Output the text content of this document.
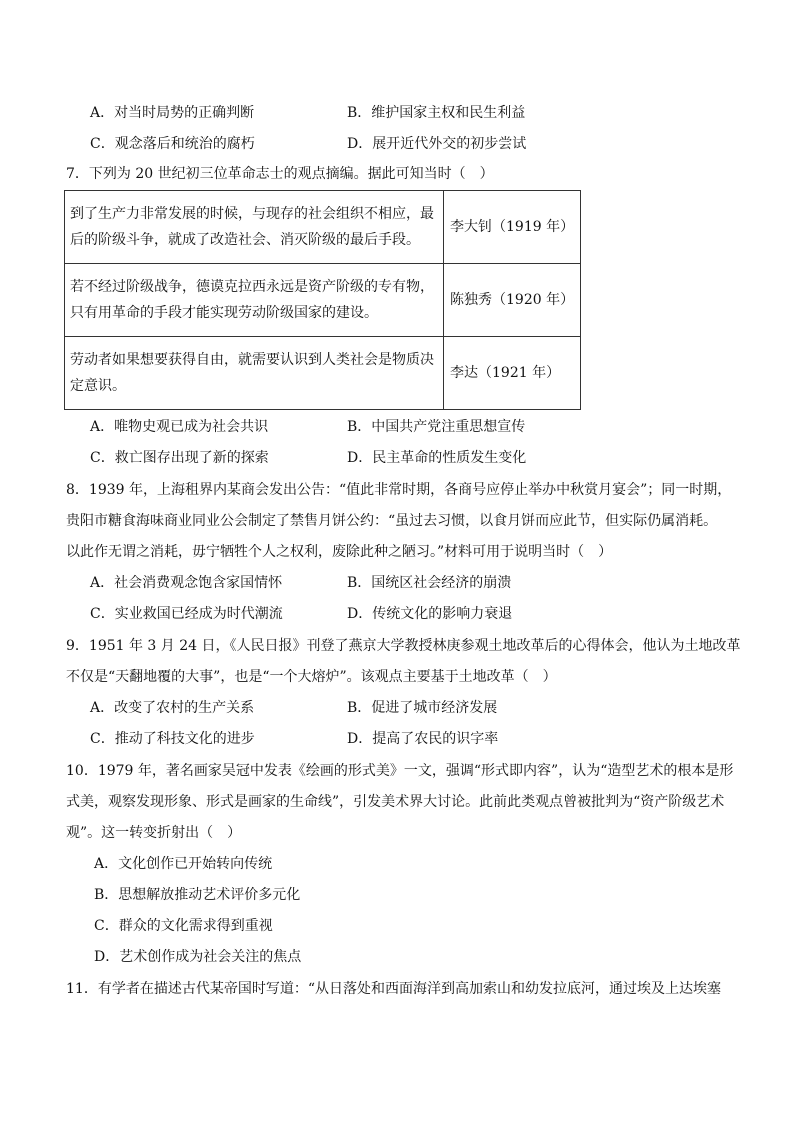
A．对当时局势的正确判断	B．维护国家主权和民生利益
C．观念落后和统治的腐朽	D．展开近代外交的初步尝试
7．下列为 20 世纪初三位革命志士的观点摘编。据此可知当时（　）
到了生产力非常发展的时候，与现存的社会组织不相应，最
后的阶级斗争，就成了改造社会、消灭阶级的最后手段。	李大钊（1919 年）
若不经过阶级战争，德谟克拉西永远是资产阶级的专有物，
只有用革命的手段才能实现劳动阶级国家的建设。	陈独秀（1920 年）
劳动者如果想要获得自由，就需要认识到人类社会是物质决
定意识。	李达（1921 年）
A．唯物史观已成为社会共识	B．中国共产党注重思想宣传
C．救亡图存出现了新的探索	D．民主革命的性质发生变化
8．1939 年，上海租界内某商会发出公告：“值此非常时期，各商号应停止举办中秋赏月宴会”；同一时期，
贵阳市糖食海味商业同业公会制定了禁售月饼公约：“虽过去习惯，以食月饼而应此节，但实际仍属消耗。
以此作无谓之消耗，毋宁牺牲个人之权利，废除此种之陋习。”材料可用于说明当时（　）
A．社会消费观念饱含家国情怀	B．国统区社会经济的崩溃
C．实业救国已经成为时代潮流	D．传统文化的影响力衰退
9．1951 年 3 月 24 日，《人民日报》刊登了燕京大学教授林庚参观土地改革后的心得体会，他认为土地改革
不仅是“天翻地覆的大事”，也是“一个大熔炉”。该观点主要基于土地改革（　）
A．改变了农村的生产关系	B．促进了城市经济发展
C．推动了科技文化的进步	D．提高了农民的识字率
10．1979 年，著名画家吴冠中发表《绘画的形式美》一文，强调“形式即内容”，认为“造型艺术的根本是形
式美，观察发现形象、形式是画家的生命线”，引发美术界大讨论。此前此类观点曾被批判为“资产阶级艺术
观”。这一转变折射出（　）
A．文化创作已开始转向传统
B．思想解放推动艺术评价多元化
C．群众的文化需求得到重视
D．艺术创作成为社会关注的焦点
11．有学者在描述古代某帝国时写道：“从日落处和西面海洋到高加索山和幼发拉底河，通过埃及上达埃塞
